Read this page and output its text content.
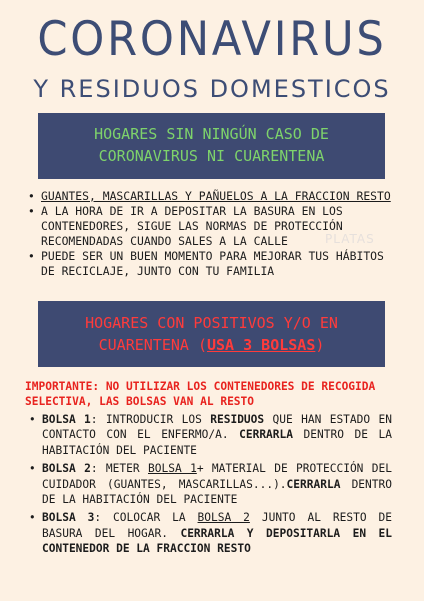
CORONAVIRUS
Y RESIDUOS DOMESTICOS
HOGARES SIN NINGÚN CASO DE
CORONAVIRUS NI CUARENTENA
• GUANTES, MASCARILLAS Y PAÑUELOS A LA FRACCION RESTO
• A LA HORA DE IR A DEPOSITAR LA BASURA EN LOS CONTENEDORES, SIGUE LAS NORMAS DE PROTECCIÓN RECOMENDADAS CUANDO SALES A LA CALLE
• PUEDE SER UN BUEN MOMENTO PARA MEJORAR TUS HÁBITOS DE RECICLAJE, JUNTO CON TU FAMILIA
PLATAS
HOGARES CON POSITIVOS Y/O EN
CUARENTENA (USA 3 BOLSAS)
IMPORTANTE: NO UTILIZAR LOS CONTENEDORES DE RECOGIDA SELECTIVA, LAS BOLSAS VAN AL RESTO
• BOLSA 1: INTRODUCIR LOS RESIDUOS QUE HAN ESTADO EN CONTACTO CON EL ENFERMO/A. CERRARLA DENTRO DE LA HABITACIÓN DEL PACIENTE
• BOLSA 2: METER BOLSA 1+ MATERIAL DE PROTECCIÓN DEL CUIDADOR (GUANTES, MASCARILLAS...).CERRARLA DENTRO DE LA HABITACIÓN DEL PACIENTE
• BOLSA 3: COLOCAR LA BOLSA 2 JUNTO AL RESTO DE BASURA DEL HOGAR. CERRARLA Y DEPOSITARLA EN EL CONTENEDOR DE LA FRACCION RESTO
